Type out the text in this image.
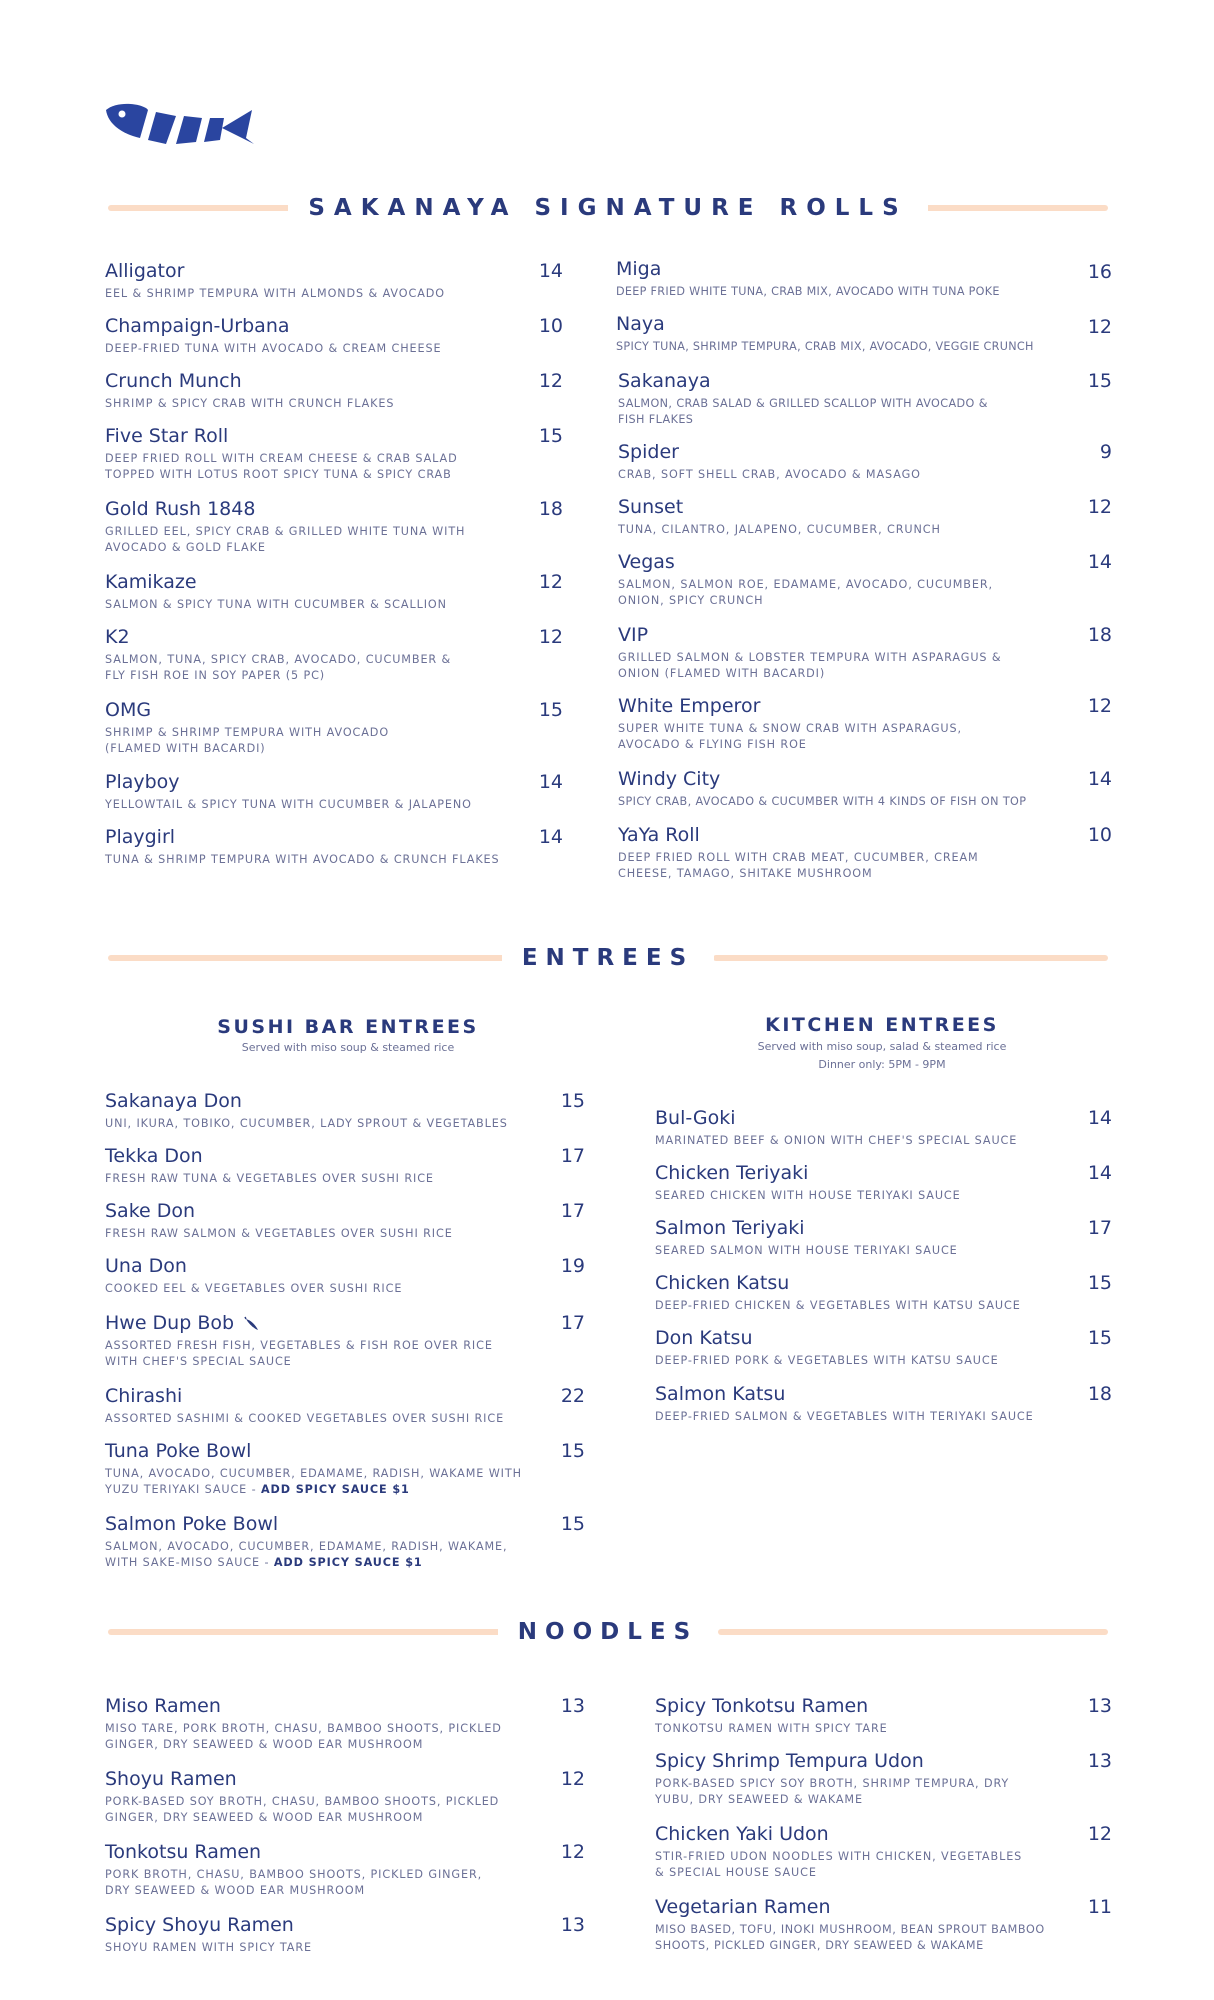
SAKANAYA SIGNATURE ROLLS
ENTREES
NOODLES
Alligator
EEL & SHRIMP TEMPURA WITH ALMONDS & AVOCADO
14
Champaign-Urbana
DEEP-FRIED TUNA WITH AVOCADO & CREAM CHEESE
10
Crunch Munch
SHRIMP & SPICY CRAB WITH CRUNCH FLAKES
12
Five Star Roll
DEEP FRIED ROLL WITH CREAM CHEESE & CRAB SALAD TOPPED WITH LOTUS ROOT SPICY TUNA & SPICY CRAB
15
Gold Rush 1848
GRILLED EEL, SPICY CRAB & GRILLED WHITE TUNA WITH AVOCADO & GOLD FLAKE
18
Kamikaze
SALMON & SPICY TUNA WITH CUCUMBER & SCALLION
12
K2
SALMON, TUNA, SPICY CRAB, AVOCADO, CUCUMBER & FLY FISH ROE IN SOY PAPER (5 PC)
12
OMG
SHRIMP & SHRIMP TEMPURA WITH AVOCADO (FLAMED WITH BACARDI)
15
Playboy
YELLOWTAIL & SPICY TUNA WITH CUCUMBER & JALAPENO
14
Playgirl
TUNA & SHRIMP TEMPURA WITH AVOCADO & CRUNCH FLAKES
14
Miga
DEEP FRIED WHITE TUNA, CRAB MIX, AVOCADO WITH TUNA POKE
16
Naya
SPICY TUNA, SHRIMP TEMPURA, CRAB MIX, AVOCADO, VEGGIE CRUNCH
12
Sakanaya
SALMON, CRAB SALAD & GRILLED SCALLOP WITH AVOCADO & FISH FLAKES
15
Spider
CRAB, SOFT SHELL CRAB, AVOCADO & MASAGO
9
Sunset
TUNA, CILANTRO, JALAPENO, CUCUMBER, CRUNCH
12
Vegas
SALMON, SALMON ROE, EDAMAME, AVOCADO, CUCUMBER, ONION, SPICY CRUNCH
14
VIP
GRILLED SALMON & LOBSTER TEMPURA WITH ASPARAGUS & ONION (FLAMED WITH BACARDI)
18
White Emperor
SUPER WHITE TUNA & SNOW CRAB WITH ASPARAGUS, AVOCADO & FLYING FISH ROE
12
Windy City
SPICY CRAB, AVOCADO & CUCUMBER WITH 4 KINDS OF FISH ON TOP
14
YaYa Roll
DEEP FRIED ROLL WITH CRAB MEAT, CUCUMBER, CREAM CHEESE, TAMAGO, SHITAKE MUSHROOM
10
SUSHI BAR ENTREES
Served with miso soup & steamed rice
KITCHEN ENTREES
Served with miso soup, salad & steamed rice
Dinner only: 5PM - 9PM
Sakanaya Don
UNI, IKURA, TOBIKO, CUCUMBER, LADY SPROUT & VEGETABLES
15
Tekka Don
FRESH RAW TUNA & VEGETABLES OVER SUSHI RICE
17
Sake Don
FRESH RAW SALMON & VEGETABLES OVER SUSHI RICE
17
Una Don
COOKED EEL & VEGETABLES OVER SUSHI RICE
19
Hwe Dup Bob
ASSORTED FRESH FISH, VEGETABLES & FISH ROE OVER RICE WITH CHEF'S SPECIAL SAUCE
17
Chirashi
ASSORTED SASHIMI & COOKED VEGETABLES OVER SUSHI RICE
22
Tuna Poke Bowl
TUNA, AVOCADO, CUCUMBER, EDAMAME, RADISH, WAKAME WITH YUZU TERIYAKI SAUCE - ADD SPICY SAUCE $1
15
Salmon Poke Bowl
SALMON, AVOCADO, CUCUMBER, EDAMAME, RADISH, WAKAME, WITH SAKE-MISO SAUCE - ADD SPICY SAUCE $1
15
Bul-Goki
MARINATED BEEF & ONION WITH CHEF'S SPECIAL SAUCE
14
Chicken Teriyaki
SEARED CHICKEN WITH HOUSE TERIYAKI SAUCE
14
Salmon Teriyaki
SEARED SALMON WITH HOUSE TERIYAKI SAUCE
17
Chicken Katsu
DEEP-FRIED CHICKEN & VEGETABLES WITH KATSU SAUCE
15
Don Katsu
DEEP-FRIED PORK & VEGETABLES WITH KATSU SAUCE
15
Salmon Katsu
DEEP-FRIED SALMON & VEGETABLES WITH TERIYAKI SAUCE
18
Miso Ramen
MISO TARE, PORK BROTH, CHASU, BAMBOO SHOOTS, PICKLED GINGER, DRY SEAWEED & WOOD EAR MUSHROOM
13
Shoyu Ramen
PORK-BASED SOY BROTH, CHASU, BAMBOO SHOOTS, PICKLED GINGER, DRY SEAWEED & WOOD EAR MUSHROOM
12
Tonkotsu Ramen
PORK BROTH, CHASU, BAMBOO SHOOTS, PICKLED GINGER, DRY SEAWEED & WOOD EAR MUSHROOM
12
Spicy Shoyu Ramen
SHOYU RAMEN WITH SPICY TARE
13
Spicy Tonkotsu Ramen
TONKOTSU RAMEN WITH SPICY TARE
13
Spicy Shrimp Tempura Udon
PORK-BASED SPICY SOY BROTH, SHRIMP TEMPURA, DRY YUBU, DRY SEAWEED & WAKAME
13
Chicken Yaki Udon
STIR-FRIED UDON NOODLES WITH CHICKEN, VEGETABLES & SPECIAL HOUSE SAUCE
12
Vegetarian Ramen
MISO BASED, TOFU, INOKI MUSHROOM, BEAN SPROUT BAMBOO SHOOTS, PICKLED GINGER, DRY SEAWEED & WAKAME
11
